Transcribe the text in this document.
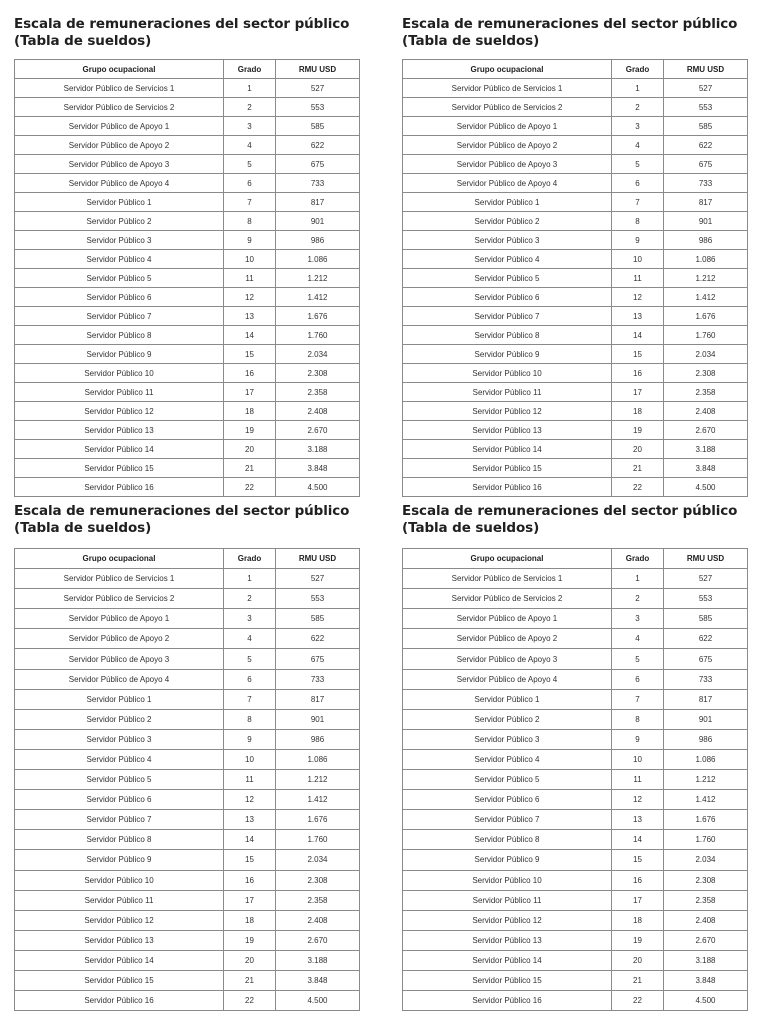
Escala de remuneraciones del sector público (Tabla de sueldos)
Grupo ocupacional	Grado	RMU USD
Servidor Público de Servicios 1	1	527
Servidor Público de Servicios 2	2	553
Servidor Público de Apoyo 1	3	585
Servidor Público de Apoyo 2	4	622
Servidor Público de Apoyo 3	5	675
Servidor Público de Apoyo 4	6	733
Servidor Público 1	7	817
Servidor Público 2	8	901
Servidor Público 3	9	986
Servidor Público 4	10	1.086
Servidor Público 5	11	1.212
Servidor Público 6	12	1.412
Servidor Público 7	13	1.676
Servidor Público 8	14	1.760
Servidor Público 9	15	2.034
Servidor Público 10	16	2.308
Servidor Público 11	17	2.358
Servidor Público 12	18	2.408
Servidor Público 13	19	2.670
Servidor Público 14	20	3.188
Servidor Público 15	21	3.848
Servidor Público 16	22	4.500
Escala de remuneraciones del sector público (Tabla de sueldos)
Grupo ocupacional	Grado	RMU USD
Servidor Público de Servicios 1	1	527
Servidor Público de Servicios 2	2	553
Servidor Público de Apoyo 1	3	585
Servidor Público de Apoyo 2	4	622
Servidor Público de Apoyo 3	5	675
Servidor Público de Apoyo 4	6	733
Servidor Público 1	7	817
Servidor Público 2	8	901
Servidor Público 3	9	986
Servidor Público 4	10	1.086
Servidor Público 5	11	1.212
Servidor Público 6	12	1.412
Servidor Público 7	13	1.676
Servidor Público 8	14	1.760
Servidor Público 9	15	2.034
Servidor Público 10	16	2.308
Servidor Público 11	17	2.358
Servidor Público 12	18	2.408
Servidor Público 13	19	2.670
Servidor Público 14	20	3.188
Servidor Público 15	21	3.848
Servidor Público 16	22	4.500
Escala de remuneraciones del sector público (Tabla de sueldos)
Grupo ocupacional	Grado	RMU USD
Servidor Público de Servicios 1	1	527
Servidor Público de Servicios 2	2	553
Servidor Público de Apoyo 1	3	585
Servidor Público de Apoyo 2	4	622
Servidor Público de Apoyo 3	5	675
Servidor Público de Apoyo 4	6	733
Servidor Público 1	7	817
Servidor Público 2	8	901
Servidor Público 3	9	986
Servidor Público 4	10	1.086
Servidor Público 5	11	1.212
Servidor Público 6	12	1.412
Servidor Público 7	13	1.676
Servidor Público 8	14	1.760
Servidor Público 9	15	2.034
Servidor Público 10	16	2.308
Servidor Público 11	17	2.358
Servidor Público 12	18	2.408
Servidor Público 13	19	2.670
Servidor Público 14	20	3.188
Servidor Público 15	21	3.848
Servidor Público 16	22	4.500
Escala de remuneraciones del sector público (Tabla de sueldos)
Grupo ocupacional	Grado	RMU USD
Servidor Público de Servicios 1	1	527
Servidor Público de Servicios 2	2	553
Servidor Público de Apoyo 1	3	585
Servidor Público de Apoyo 2	4	622
Servidor Público de Apoyo 3	5	675
Servidor Público de Apoyo 4	6	733
Servidor Público 1	7	817
Servidor Público 2	8	901
Servidor Público 3	9	986
Servidor Público 4	10	1.086
Servidor Público 5	11	1.212
Servidor Público 6	12	1.412
Servidor Público 7	13	1.676
Servidor Público 8	14	1.760
Servidor Público 9	15	2.034
Servidor Público 10	16	2.308
Servidor Público 11	17	2.358
Servidor Público 12	18	2.408
Servidor Público 13	19	2.670
Servidor Público 14	20	3.188
Servidor Público 15	21	3.848
Servidor Público 16	22	4.500
